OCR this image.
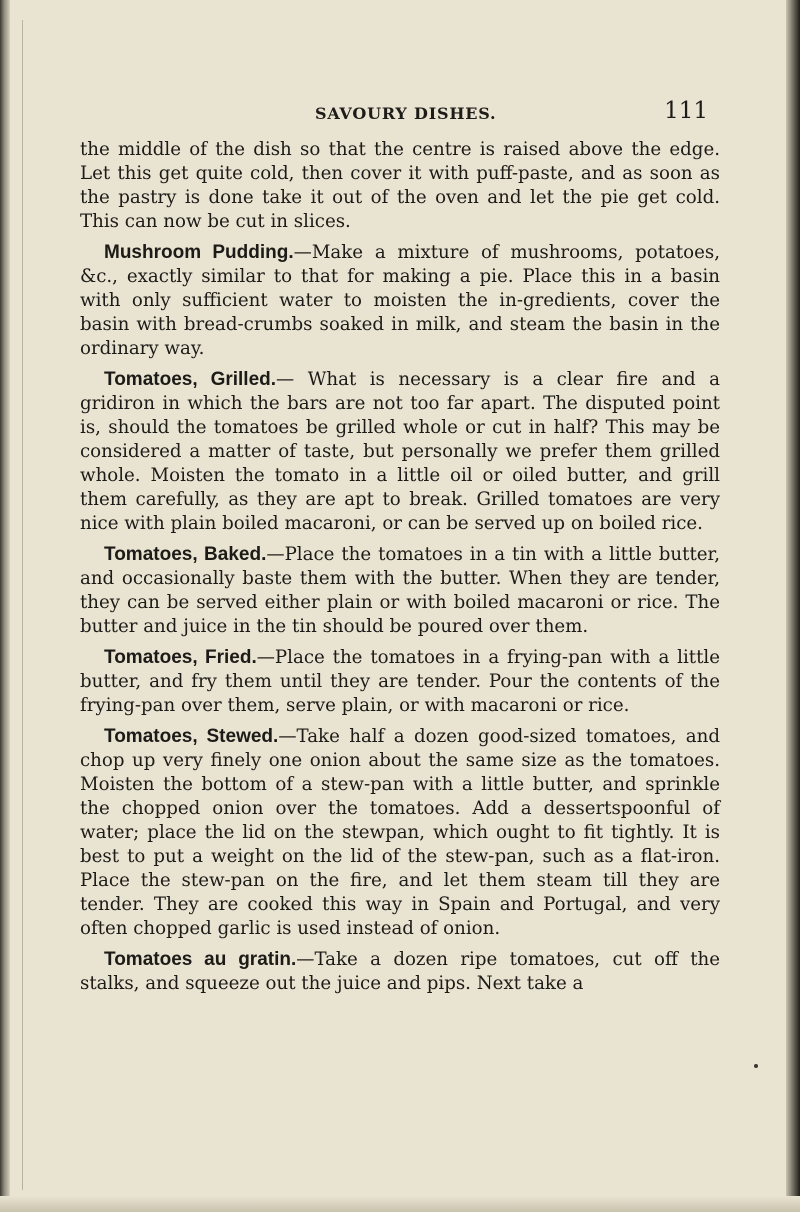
SAVOURY DISHES.	111

the middle of the dish so that the centre is raised above the edge. Let this get quite cold, then cover it with puff-paste, and as soon as the pastry is done take it out of the oven and let the pie get cold. This can now be cut in slices.

Mushroom Pudding.—Make a mixture of mushrooms, potatoes, &c., exactly similar to that for making a pie. Place this in a basin with only sufficient water to moisten the in-gredients, cover the basin with bread-crumbs soaked in milk, and steam the basin in the ordinary way.

Tomatoes, Grilled.— What is necessary is a clear fire and a gridiron in which the bars are not too far apart. The disputed point is, should the tomatoes be grilled whole or cut in half? This may be considered a matter of taste, but personally we prefer them grilled whole. Moisten the tomato in a little oil or oiled butter, and grill them carefully, as they are apt to break. Grilled tomatoes are very nice with plain boiled macaroni, or can be served up on boiled rice.

Tomatoes, Baked.—Place the tomatoes in a tin with a little butter, and occasionally baste them with the butter. When they are tender, they can be served either plain or with boiled macaroni or rice. The butter and juice in the tin should be poured over them.

Tomatoes, Fried.—Place the tomatoes in a frying-pan with a little butter, and fry them until they are tender. Pour the contents of the frying-pan over them, serve plain, or with macaroni or rice.

Tomatoes, Stewed.—Take half a dozen good-sized tomatoes, and chop up very finely one onion about the same size as the tomatoes. Moisten the bottom of a stew-pan with a little butter, and sprinkle the chopped onion over the tomatoes. Add a dessertspoonful of water; place the lid on the stewpan, which ought to fit tightly. It is best to put a weight on the lid of the stew-pan, such as a flat-iron. Place the stew-pan on the fire, and let them steam till they are tender. They are cooked this way in Spain and Portugal, and very often chopped garlic is used instead of onion.

Tomatoes au gratin.—Take a dozen ripe tomatoes, cut off the stalks, and squeeze out the juice and pips. Next take a
